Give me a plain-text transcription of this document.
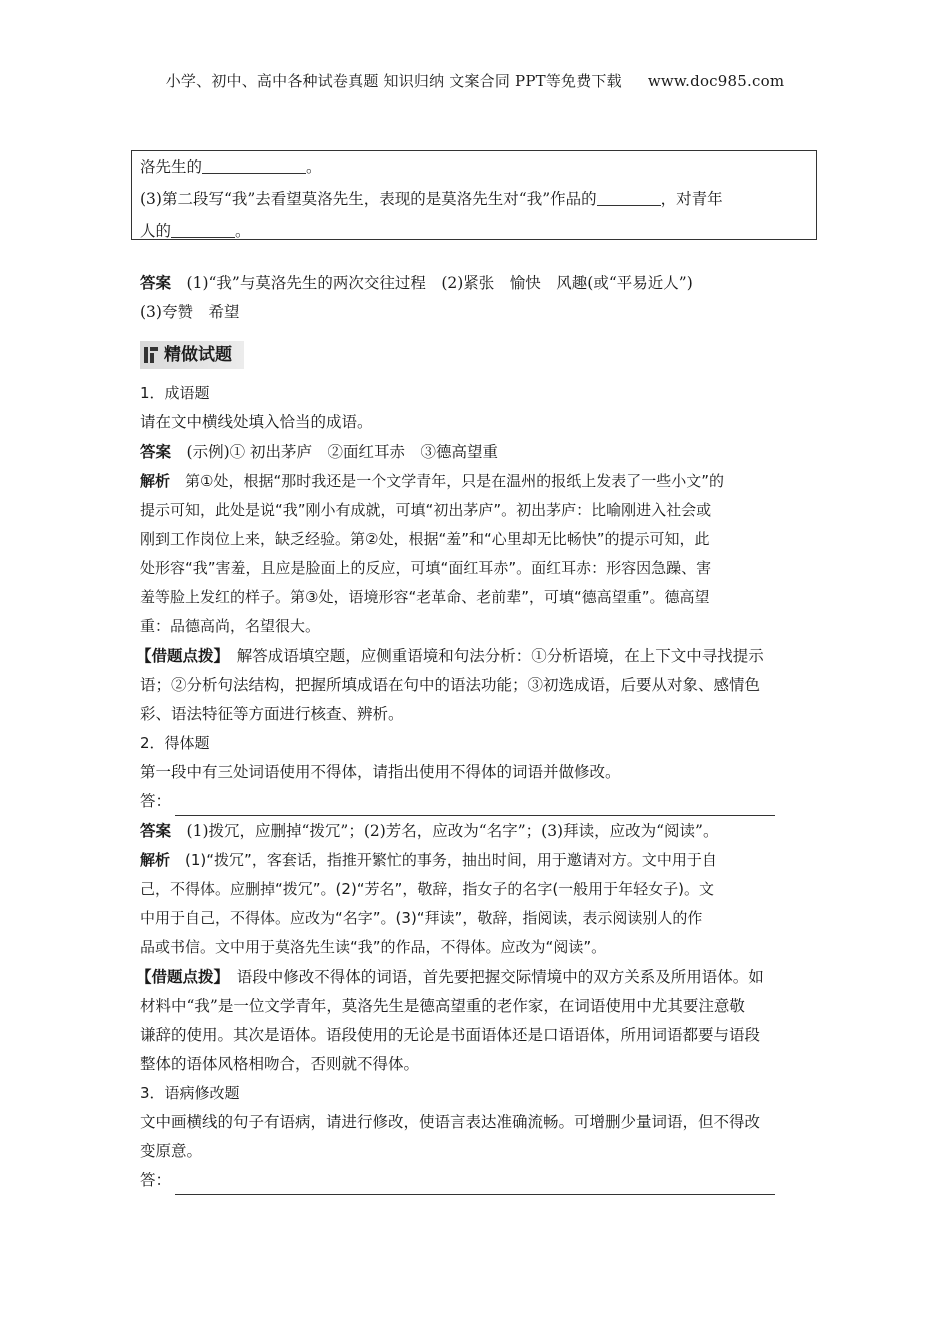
小学、初中、高中各种试卷真题 知识归纳 文案合同 PPT等免费下载 www.doc985.com
洛先生的	。
(3)第二段写“我”去看望莫洛先生，表现的是莫洛先生对“我”作品的	，对青年
人的	。

答案　 (1)“我”与莫洛先生的两次交往过程　(2)紧张　愉快　风趣(或“平易近人”)

(3)夸赞　希望

精做试题

1．成语题

请在文中横线处填入恰当的成语。

答案　 (示例)① 初出茅庐　②面红耳赤　③德高望重

解析　 第①处，根据“那时我还是一个文学青年，只是在温州的报纸上发表了一些小文”的

提示可知，此处是说“我”刚小有成就，可填“初出茅庐”。初出茅庐：比喻刚进入社会或

刚到工作岗位上来，缺乏经验。第②处，根据“羞”和“心里却无比畅快”的提示可知，此

处形容“我”害羞，且应是脸面上的反应，可填“面红耳赤”。面红耳赤：形容因急躁、害

羞等脸上发红的样子。第③处，语境形容“老革命、老前辈”，可填“德高望重”。德高望

重：品德高尚，名望很大。

【借题点拨】　 解答成语填空题，应侧重语境和句法分析：①分析语境，在上下文中寻找提示

语；②分析句法结构，把握所填成语在句中的语法功能；③初选成语，后要从对象、感情色

彩、语法特征等方面进行核查、辨析。

2．得体题

第一段中有三处词语使用不得体，请指出使用不得体的词语并做修改。

答：

答案　 (1)拨冗，应删掉“拨冗”；(2)芳名，应改为“名字”；(3)拜读，应改为“阅读”。

解析　 (1)“拨冗”，客套话，指推开繁忙的事务，抽出时间，用于邀请对方。文中用于自

己，不得体。应删掉“拨冗”。(2)“芳名”，敬辞，指女子的名字(一般用于年轻女子)。文

中用于自己，不得体。应改为“名字”。(3)“拜读”，敬辞，指阅读，表示阅读别人的作

品或书信。文中用于莫洛先生读“我”的作品，不得体。应改为“阅读”。

【借题点拨】　 语段中修改不得体的词语，首先要把握交际情境中的双方关系及所用语体。如

材料中“我”是一位文学青年，莫洛先生是德高望重的老作家，在词语使用中尤其要注意敬

谦辞的使用。其次是语体。语段使用的无论是书面语体还是口语语体，所用词语都要与语段

整体的语体风格相吻合，否则就不得体。

3．语病修改题

文中画横线的句子有语病，请进行修改，使语言表达准确流畅。可增删少量词语，但不得改

变原意。

答：
